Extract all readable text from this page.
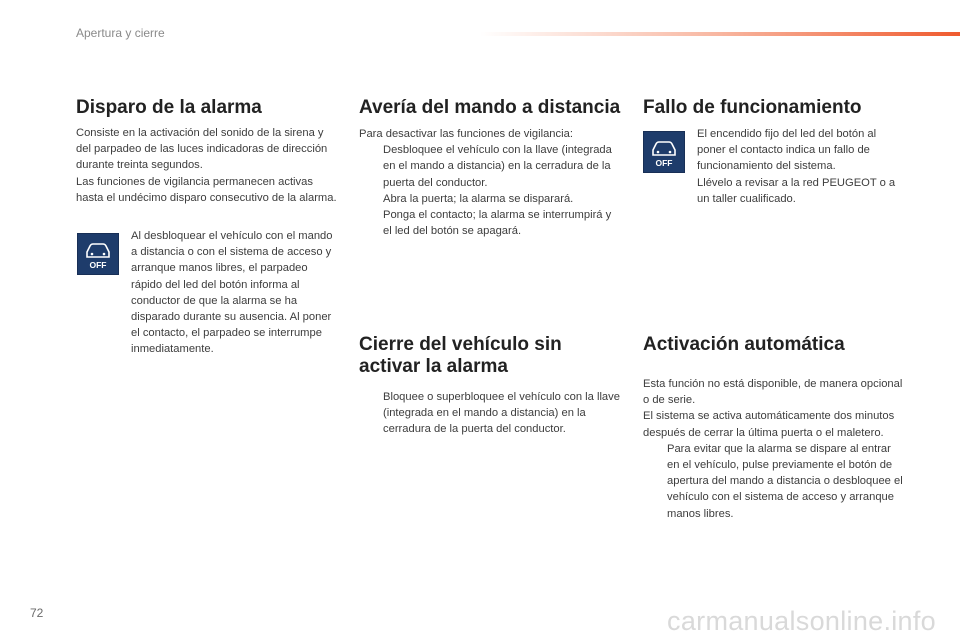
Apertura y cierre
Disparo de la alarma

Consiste en la activación del sonido de la sirena y del parpadeo de las luces indicadoras de dirección durante treinta segundos.

Las funciones de vigilancia permanecen activas hasta el undécimo disparo consecutivo de la alarma.

OFF

Al desbloquear el vehículo con el mando a distancia o con el sistema de acceso y arranque manos libres, el parpadeo rápido del led del botón informa al conductor de que la alarma se ha disparado durante su ausencia. Al poner el contacto, el parpadeo se interrumpe inmediatamente.

Avería del mando a distancia

Para desactivar las funciones de vigilancia:

Desbloquee el vehículo con la llave (integrada en el mando a distancia) en la cerradura de la puerta del conductor.
Abra la puerta; la alarma se disparará.
Ponga el contacto; la alarma se interrumpirá y el led del botón se apagará.
Cierre del vehículo sin activar la alarma
Bloquee o superbloquee el vehículo con la llave (integrada en el mando a distancia) en la cerradura de la puerta del conductor.
Fallo de funcionamiento
OFF

El encendido fijo del led del botón al poner el contacto indica un fallo de funcionamiento del sistema.

Llévelo a revisar a la red PEUGEOT o a un taller cualificado.

Activación automática

Esta función no está disponible, de manera opcional o de serie.

El sistema se activa automáticamente dos minutos después de cerrar la última puerta o el maletero.

Para evitar que la alarma se dispare al entrar en el vehículo, pulse previamente el botón de apertura del mando a distancia o desbloquee el vehículo con el sistema de acceso y arranque manos libres.
72	carmanualsonline.info
